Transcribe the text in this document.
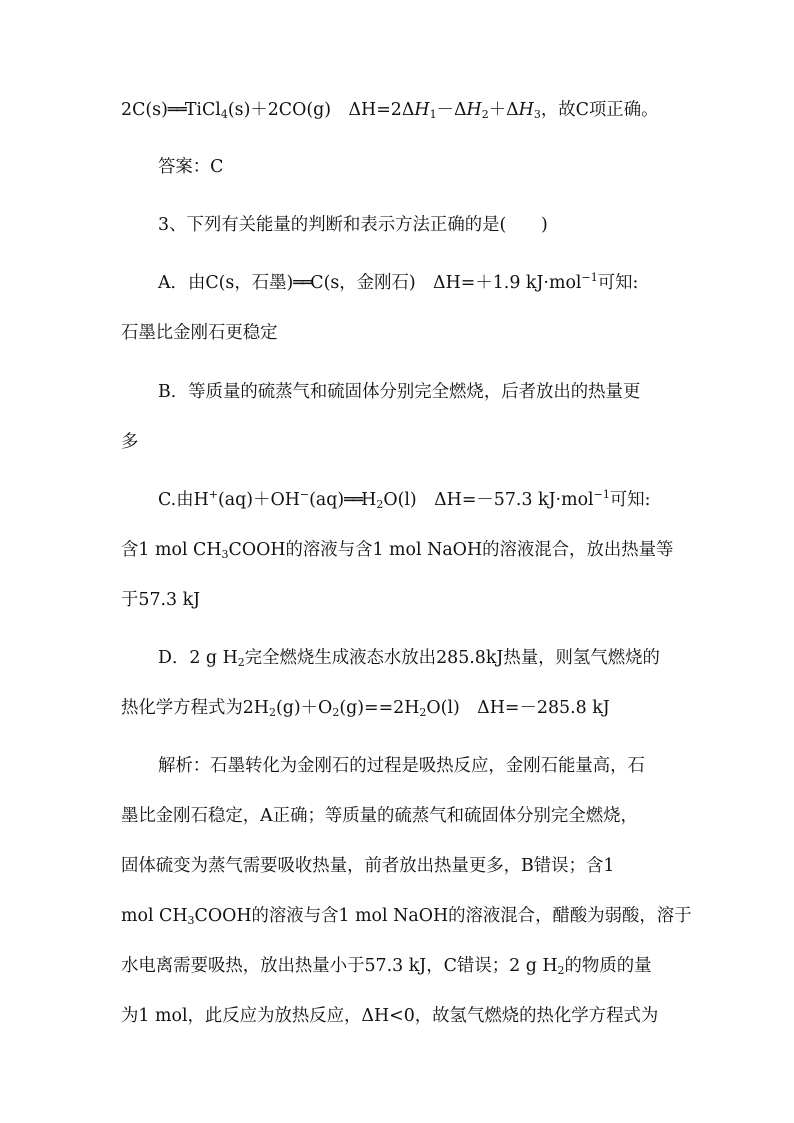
2C(s)══TiCl$_4$(s)＋2CO(g)　$\Delta H=2\Delta H_1-\Delta H_2+\Delta H_3$，故C项正确。
答案：C
3、下列有关能量的判断和表示方法正确的是(　　)
A．由C(s，石墨)══C(s，金刚石)　ΔH=＋1.9 kJ·mol$^{-1}$可知:
石墨比金刚石更稳定
B．等质量的硫蒸气和硫固体分别完全燃烧，后者放出的热量更
多
C.由$H^+(aq)+OH^-(aq)══H_2O(l)$　ΔH=－57.3 kJ·mol$^{-1}$可知:
含1 mol $CH_3COOH$的溶液与含1 mol NaOH的溶液混合，放出热量等
于57.3 kJ
D．2 g $H_2$完全燃烧生成液态水放出285.8kJ热量，则氢气燃烧的
热化学方程式为$2H_2(g)+O_2(g)==2H_2O(l)$　ΔH=－285.8 kJ
解析：石墨转化为金刚石的过程是吸热反应，金刚石能量高，石
墨比金刚石稳定，A正确；等质量的硫蒸气和硫固体分别完全燃烧，
固体硫变为蒸气需要吸收热量，前者放出热量更多，B错误；含1
mol $CH_3COOH$的溶液与含1 mol NaOH的溶液混合，醋酸为弱酸，溶于
水电离需要吸热，放出热量小于57.3 kJ，C错误；2 g $H_2$的物质的量
为1 mol，此反应为放热反应，ΔH<0，故氢气燃烧的热化学方程式为
